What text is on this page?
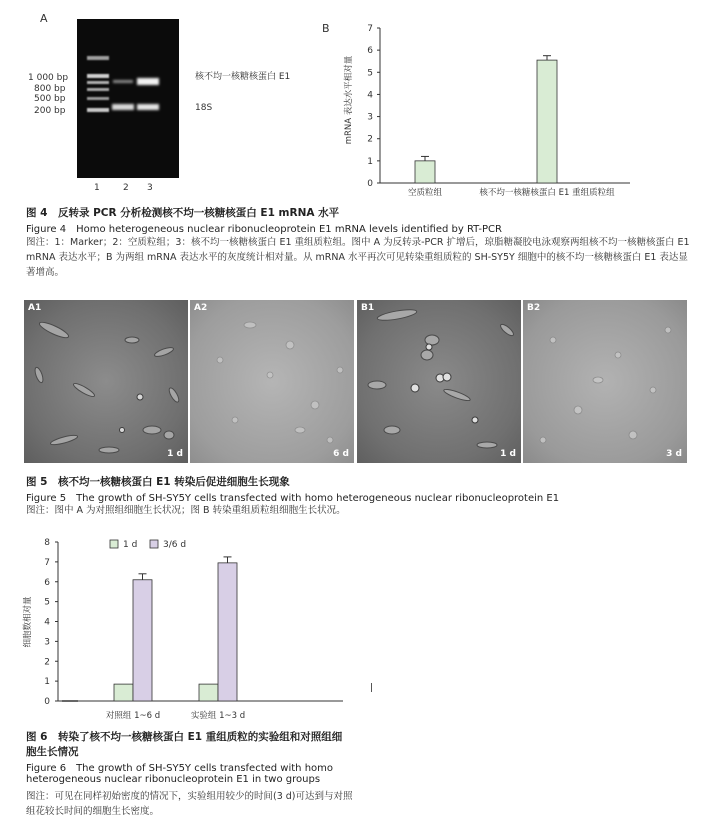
A
1 000 bp
800 bp
500 bp
200 bp
1	2 3
核不均一核糖核蛋白 E1
18S
B
mRNA 表达水平相对量
0
1
2
3
4
5
6
7
空质粒组	核不均一核糖核蛋白 E1 重组质粒组
图 4　反转录 PCR 分析检测核不均一核糖核蛋白 E1 mRNA 水平
Figure 4　Homo heterogeneous nuclear ribonucleoprotein E1 mRNA levels identified by RT-PCR
图注：1：Marker；2：空质粒组；3：核不均一核糖核蛋白 E1 重组质粒组。图中 A 为反转录-PCR 扩增后，琼脂糖凝胶电泳观察两组核不均一核糖核蛋白 E1 mRNA 表达水平；B 为两组 mRNA 表达水平的灰度统计相对量。从 mRNA 水平再次可见转染重组质粒的 SH-SY5Y 细胞中的核不均一核糖核蛋白 E1 表达显著增高。
A1
1 d
A2
6 d
B1
1 d
B2
3 d
图 5　核不均一核糖核蛋白 E1 转染后促进细胞生长现象
Figure 5　The growth of SH-SY5Y cells transfected with homo heterogeneous nuclear ribonucleoprotein E1
图注：图中 A 为对照组细胞生长状况；图 B 转染重组质粒组细胞生长状况。
细胞数相对量
0
1
2
3
4
5
6
7
8
对照组 1~6 d	实验组 1~3 d
1 d	3/6 d
图 6　转染了核不均一核糖核蛋白 E1 重组质粒的实验组和对照组细
胞生长情况
Figure 6　The growth of SH-SY5Y cells transfected with homo
heterogeneous nuclear ribonucleoprotein E1 in two groups
图注：可见在同样初始密度的情况下，实验组用较少的时间(3 d)可达到与对照组花较长时间的细胞生长密度。
